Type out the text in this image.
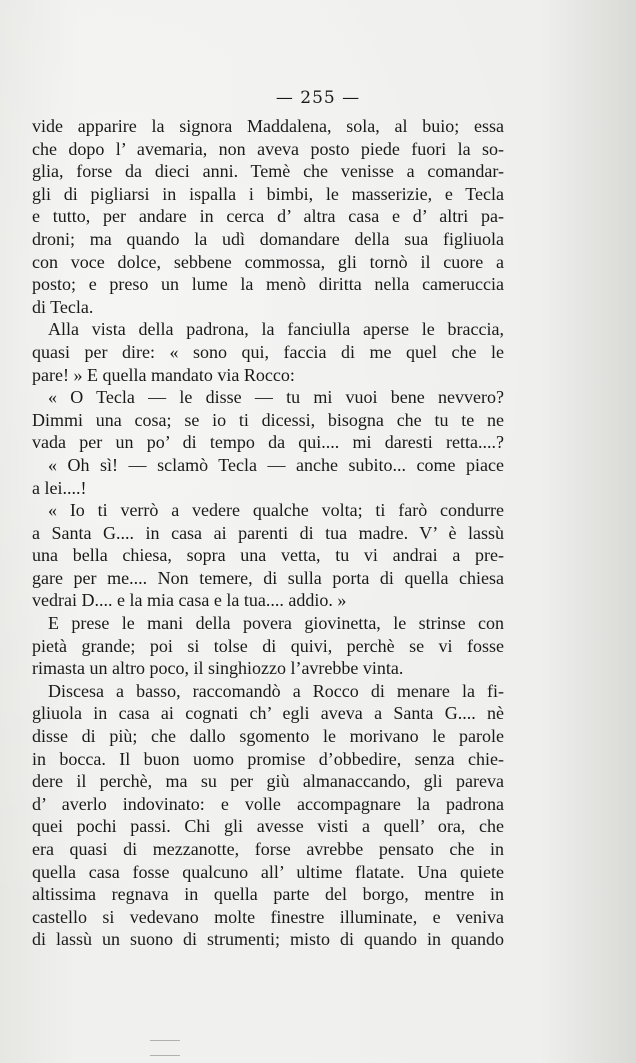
— 255 —
vide apparire la signora Maddalena, sola, al buio; essa
che dopo l’ avemaria, non aveva posto piede fuori la so-
glia, forse da dieci anni. Temè che venisse a comandar-
gli di pigliarsi in ispalla i bimbi, le masserizie, e Tecla
e tutto, per andare in cerca d’ altra casa e d’ altri pa-
droni; ma quando la udì domandare della sua figliuola
con voce dolce, sebbene commossa, gli tornò il cuore a
posto; e preso un lume la menò diritta nella cameruccia
di Tecla.
Alla vista della padrona, la fanciulla aperse le braccia,
quasi per dire: « sono qui, faccia di me quel che le
pare! » E quella mandato via Rocco:
« O Tecla — le disse — tu mi vuoi bene nevvero?
Dimmi una cosa; se io ti dicessi, bisogna che tu te ne
vada per un po’ di tempo da qui.... mi daresti retta....?
« Oh sì! — sclamò Tecla — anche subito... come piace
a lei....!
« Io ti verrò a vedere qualche volta; ti farò condurre
a Santa G.... in casa ai parenti di tua madre. V’ è lassù
una bella chiesa, sopra una vetta, tu vi andrai a pre-
gare per me.... Non temere, di sulla porta di quella chiesa
vedrai D.... e la mia casa e la tua.... addio. »
E prese le mani della povera giovinetta, le strinse con
pietà grande; poi si tolse di quivi, perchè se vi fosse
rimasta un altro poco, il singhiozzo l’avrebbe vinta.
Discesa a basso, raccomandò a Rocco di menare la fi-
gliuola in casa ai cognati ch’ egli aveva a Santa G.... nè
disse di più; che dallo sgomento le morivano le parole
in bocca. Il buon uomo promise d’obbedire, senza chie-
dere il perchè, ma su per giù almanaccando, gli pareva
d’ averlo indovinato: e volle accompagnare la padrona
quei pochi passi. Chi gli avesse visti a quell’ ora, che
era quasi di mezzanotte, forse avrebbe pensato che in
quella casa fosse qualcuno all’ ultime flatate. Una quiete
altissima regnava in quella parte del borgo, mentre in
castello si vedevano molte finestre illuminate, e veniva
di lassù un suono di strumenti; misto di quando in quando
